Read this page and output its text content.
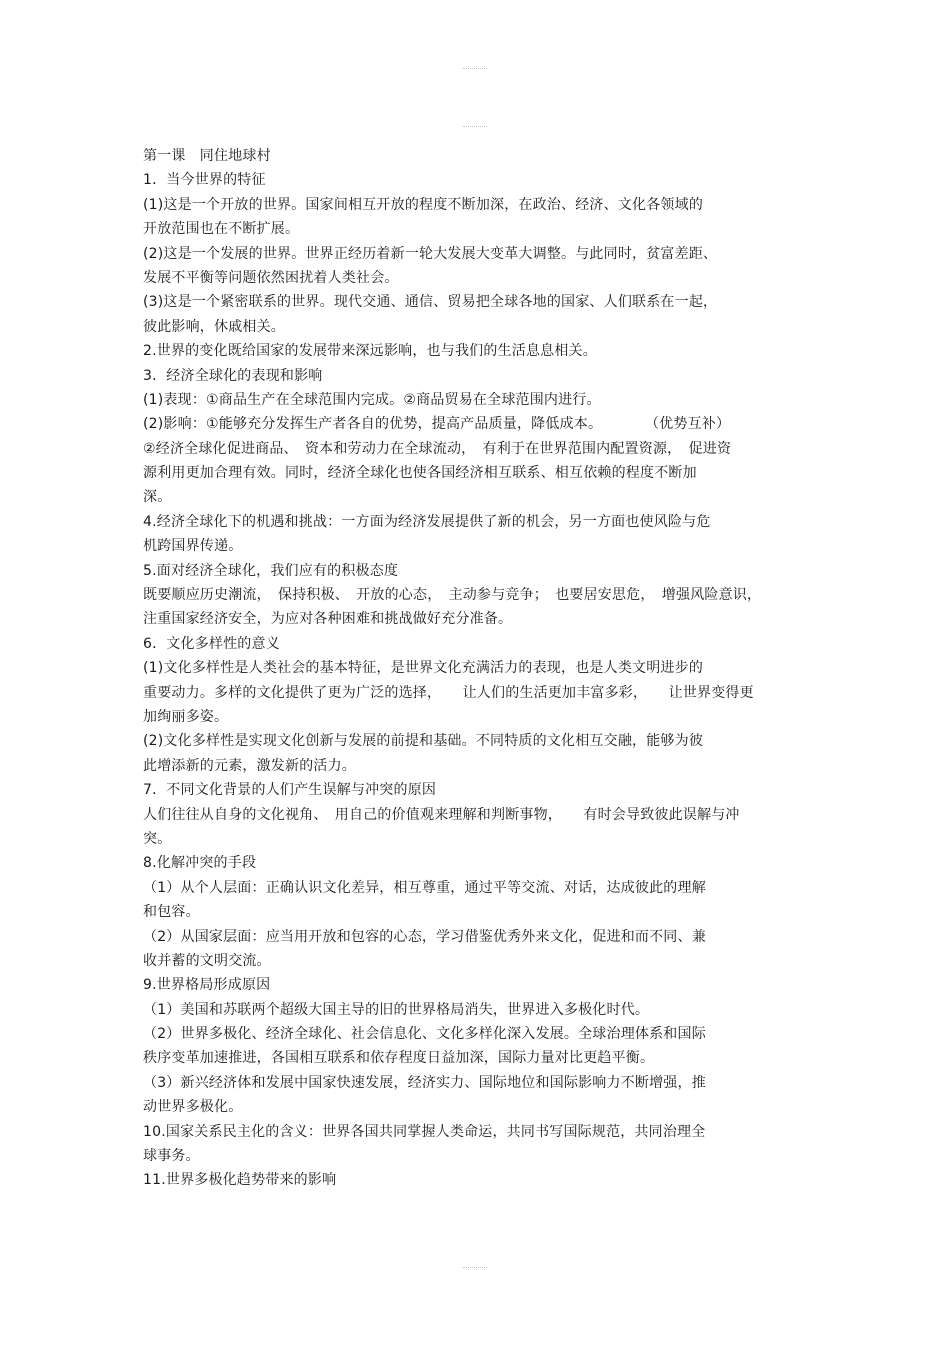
第一课　同住地球村
1．当今世界的特征
(1)这是一个开放的世界。国家间相互开放的程度不断加深，在政治、经济、文化各领域的
开放范围也在不断扩展。
(2)这是一个发展的世界。世界正经历着新一轮大发展大变革大调整。与此同时，贫富差距、
发展不平衡等问题依然困扰着人类社会。
(3)这是一个紧密联系的世界。现代交通、通信、贸易把全球各地的国家、人们联系在一起，
彼此影响，休戚相关。
2.世界的变化既给国家的发展带来深远影响，也与我们的生活息息相关。
3．经济全球化的表现和影响
(1)表现：①商品生产在全球范围内完成。②商品贸易在全球范围内进行。
(2)影响：①能够充分发挥生产者各自的优势，提高产品质量，降低成本。　　　　（优势互补）
②经济全球化促进商品、　资本和劳动力在全球流动，　有利于在世界范围内配置资源，　促进资
源利用更加合理有效。同时，经济全球化也使各国经济相互联系、相互依赖的程度不断加
深。
4.经济全球化下的机遇和挑战：一方面为经济发展提供了新的机会，另一方面也使风险与危
机跨国界传递。
5.面对经济全球化，我们应有的积极态度
既要顺应历史潮流，　保持积极、　开放的心态，　主动参与竞争；　也要居安思危，　增强风险意识，
注重国家经济安全，为应对各种困难和挑战做好充分准备。
6．文化多样性的意义
(1)文化多样性是人类社会的基本特征，是世界文化充满活力的表现，也是人类文明进步的
重要动力。多样的文化提供了更为广泛的选择，　　让人们的生活更加丰富多彩，　　让世界变得更
加绚丽多姿。
(2)文化多样性是实现文化创新与发展的前提和基础。不同特质的文化相互交融，能够为彼
此增添新的元素，激发新的活力。
7．不同文化背景的人们产生误解与冲突的原因
人们往往从自身的文化视角、　用自己的价值观来理解和判断事物，　　有时会导致彼此误解与冲
突。
8.化解冲突的手段
（1）从个人层面：正确认识文化差异，相互尊重，通过平等交流、对话，达成彼此的理解
和包容。
（2）从国家层面：应当用开放和包容的心态，学习借鉴优秀外来文化，促进和而不同、兼
收并蓄的文明交流。
9.世界格局形成原因
（1）美国和苏联两个超级大国主导的旧的世界格局消失，世界进入多极化时代。
（2）世界多极化、经济全球化、社会信息化、文化多样化深入发展。全球治理体系和国际
秩序变革加速推进，各国相互联系和依存程度日益加深，国际力量对比更趋平衡。
（3）新兴经济体和发展中国家快速发展，经济实力、国际地位和国际影响力不断增强，推
动世界多极化。
10.国家关系民主化的含义：世界各国共同掌握人类命运，共同书写国际规范，共同治理全
球事务。
11.世界多极化趋势带来的影响
